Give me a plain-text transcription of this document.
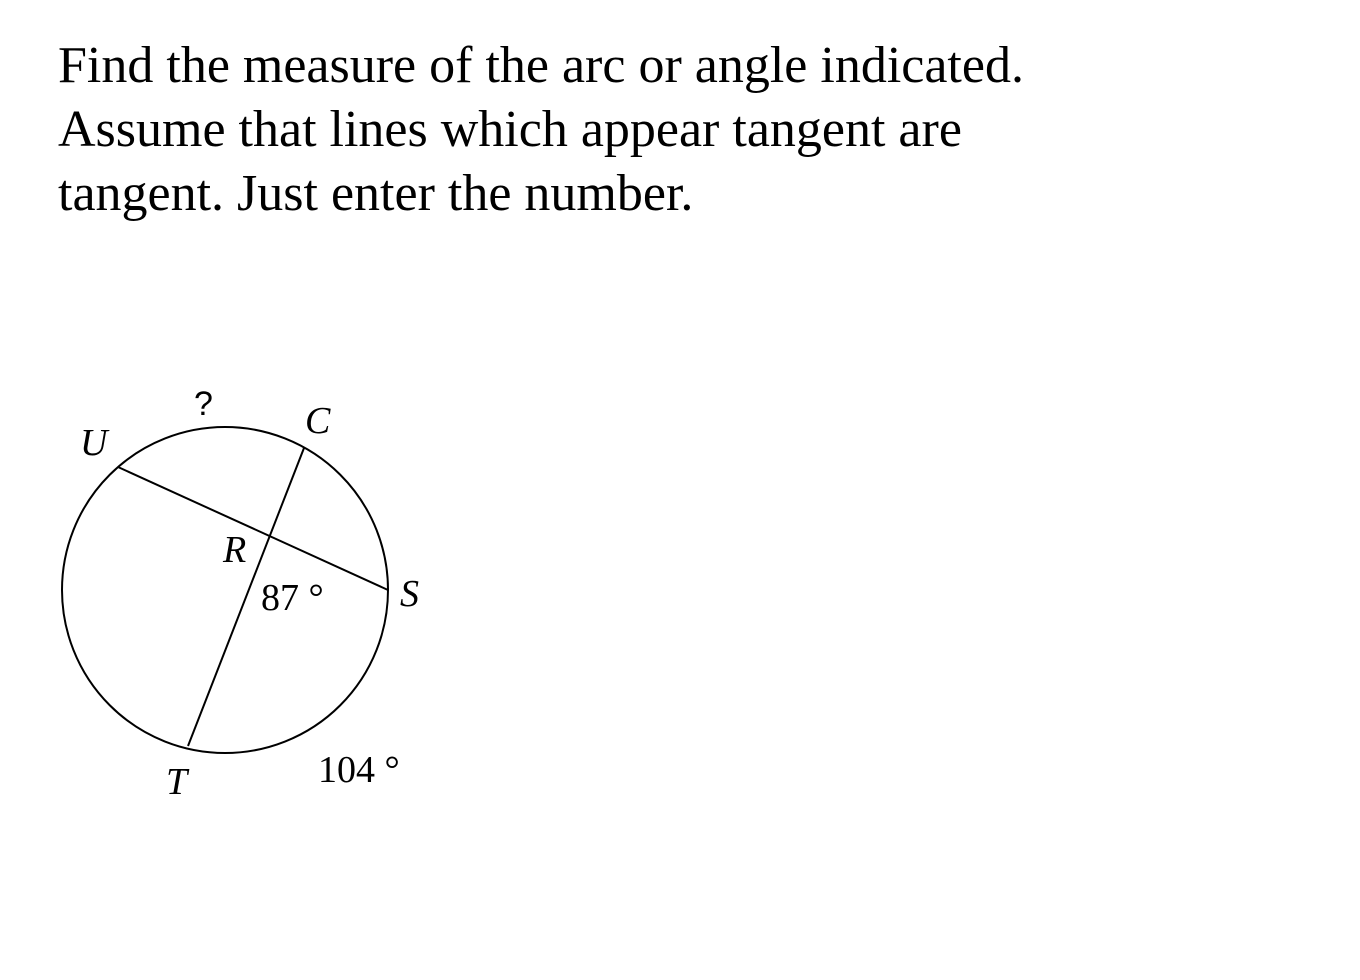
Find the measure of the arc or angle indicated.
Assume that lines which appear tangent are
tangent. Just enter the number.
?
U
C
R
87 ° S
T	104 °
